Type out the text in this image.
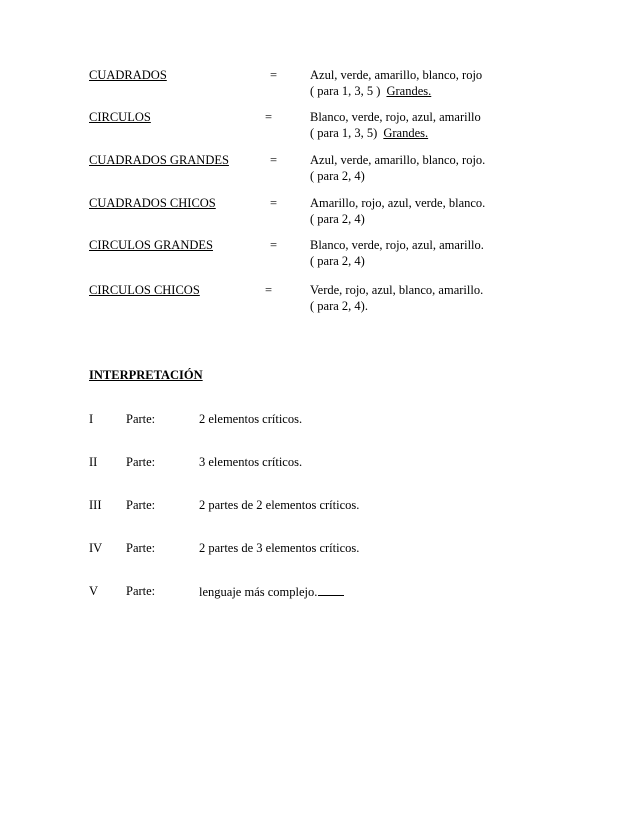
CUADRADOS	=	Azul, verde, amarillo, blanco, rojo
( para 1, 3, 5 ) Grandes.
CIRCULOS	=	Blanco, verde, rojo, azul, amarillo
( para 1, 3, 5) Grandes.
CUADRADOS GRANDES	=	Azul, verde, amarillo, blanco, rojo.
( para 2, 4)
CUADRADOS CHICOS	=	Amarillo, rojo, azul, verde, blanco.
( para 2, 4)
CIRCULOS GRANDES	=	Blanco, verde, rojo, azul, amarillo.
( para 2, 4)
CIRCULOS CHICOS	=	Verde, rojo, azul, blanco, amarillo.
( para 2, 4).
INTERPRETACIÓN
I	Parte:	2 elementos críticos.
II Parte:	3 elementos críticos.
III Parte:	2 partes de 2 elementos críticos.
IV Parte:	2 partes de 3 elementos críticos.
V Parte:	lenguaje más complejo.
